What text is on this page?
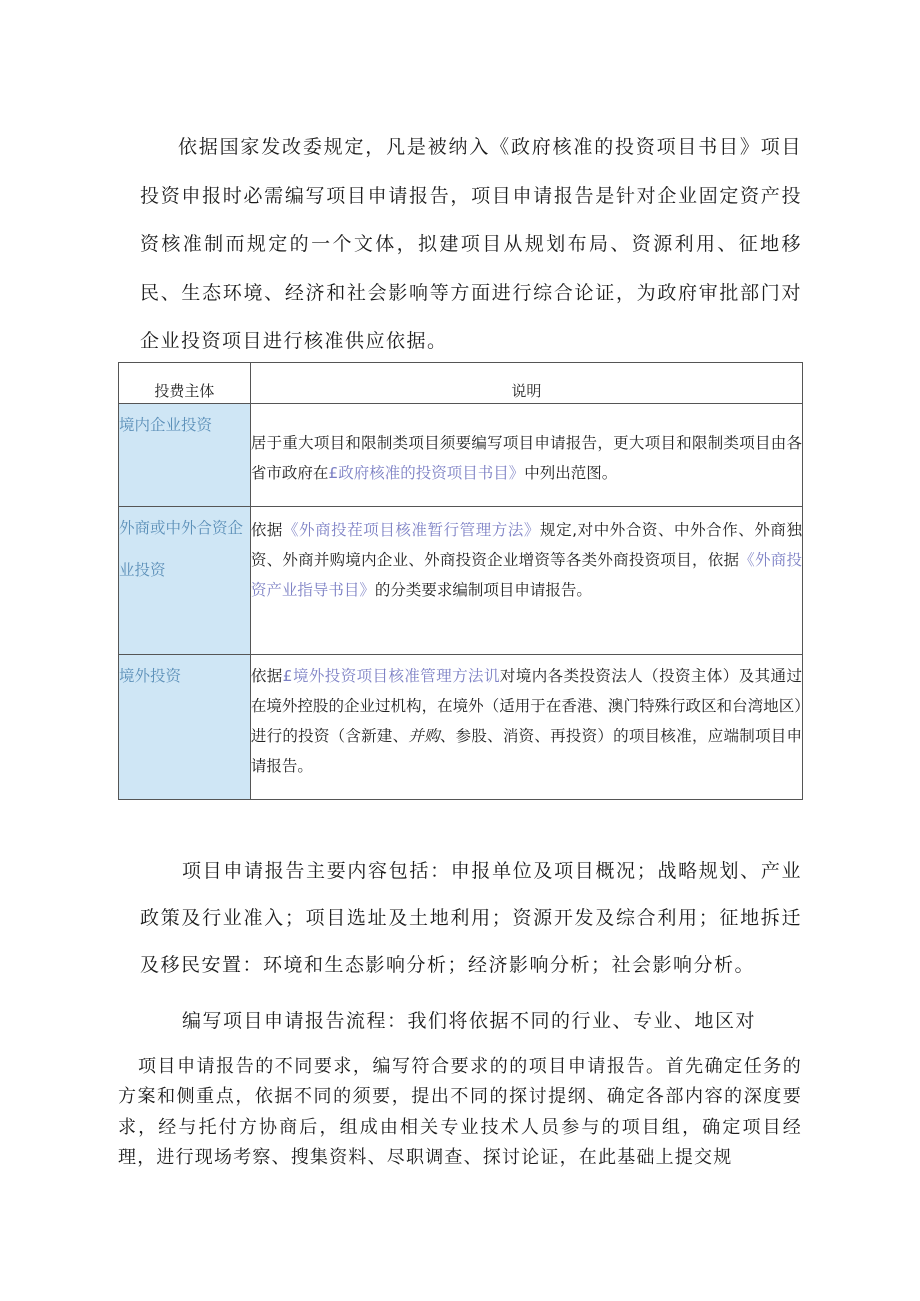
依据国家发改委规定，凡是被纳入《政府核准的投资项目书目》项目投资申报时必需编写项目申请报告，项目申请报告是针对企业固定资产投资核准制而规定的一个文体，拟建项目从规划布局、资源利用、征地移民、生态环境、经济和社会影响等方面进行综合论证，为政府审批部门对企业投资项目进行核准供应依据。

投费主体	说明
境内企业投资	居于重大项目和限制类项目须要编写项目申请报告，更大项目和限制类项目由各省市政府在£政府核准的投资项目书目》中列出范图。

外商或中外合资企业投资	依据《外商投茬项目核准暂行管理方法》规定,对中外合资、中外合作、外商独资、外商并购境内企业、外商投资企业增资等各类外商投资项目，依据《外商投资产业指导书目》的分类要求编制项目申请报告。

境外投资	依据£境外投资项目核准管理方法讥对境内各类投资法人（投资主体）及其通过在境外控股的企业过机构，在境外（适用于在香港、澳门特殊行政区和台湾地区）进行的投资（含新建、并购、参股、消资、再投资）的项目核准，应端制项目申请报告。

项目申请报告主要内容包括：申报单位及项目概况；战略规划、产业政策及行业准入；项目选址及土地利用；资源开发及综合利用；征地拆迁及移民安置：环境和生态影响分析；经济影响分析；社会影响分析。

编写项目申请报告流程：我们将依据不同的行业、专业、地区对

项目申请报告的不同要求，编写符合要求的的项目申请报告。首先确定任务的方案和侧重点，依据不同的须要，提出不同的探讨提纲、确定各部内容的深度要求，经与托付方协商后，组成由相关专业技术人员参与的项目组，确定项目经理，进行现场考察、搜集资料、尽职调查、探讨论证，在此基础上提交规
